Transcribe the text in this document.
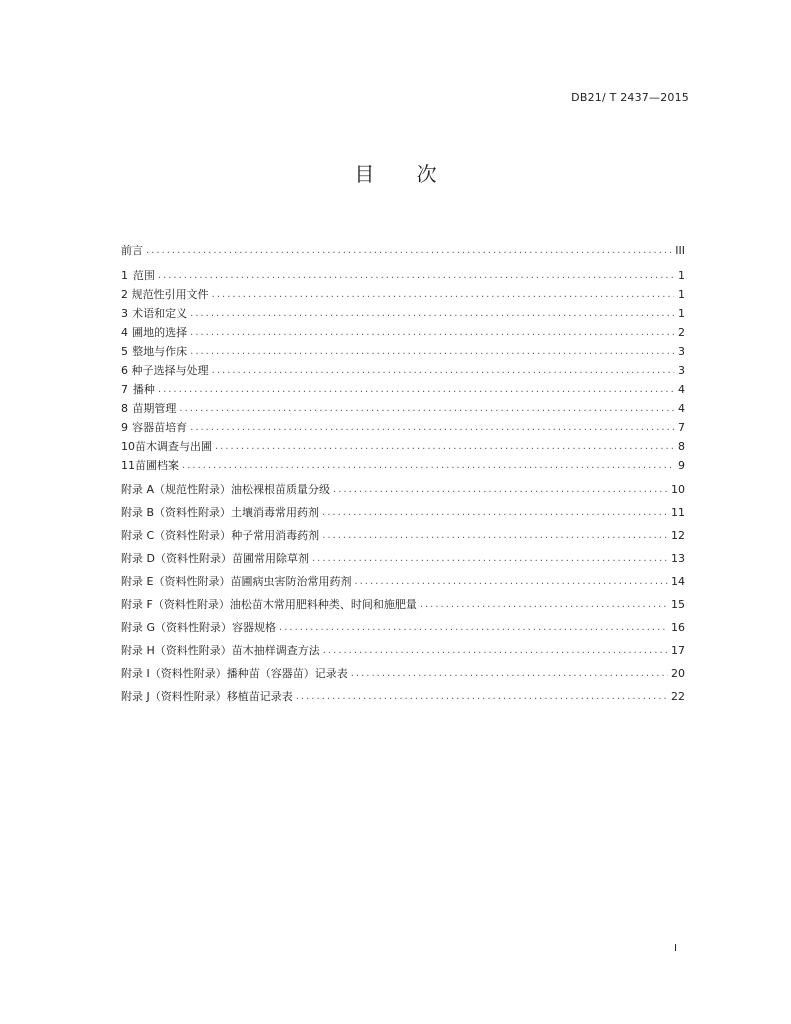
DB21/ T 2437—2015
目 次
前言 .....	III
1 范围 .....	1
2 规范性引用文件 .....	1
3 术语和定义 .....	1
4 圃地的选择 .....	2
5 整地与作床 .....	3
6 种子选择与处理 .....	3
7 播种 .....	4
8 苗期管理 .....	4
9 容器苗培育 .....	7
10 苗木调查与出圃 .....	8
11 苗圃档案 .....	9
附录 A（规范性附录） 油松裸根苗质量分级 .....	10
附录 B（资料性附录） 土壤消毒常用药剂 .....	11
附录 C（资料性附录） 种子常用消毒药剂 .....	12
附录 D（资料性附录） 苗圃常用除草剂 .....	13
附录 E（资料性附录） 苗圃病虫害防治常用药剂 .....	14
附录 F（资料性附录） 油松苗木常用肥料种类、时间和施肥量 .....	15
附录 G（资料性附录） 容器规格 .....	16
附录 H（资料性附录） 苗木抽样调查方法 .....	17
附录 I（资料性附录） 播种苗（容器苗）记录表 .....	20
附录 J（资料性附录） 移植苗记录表 .....	22
I
